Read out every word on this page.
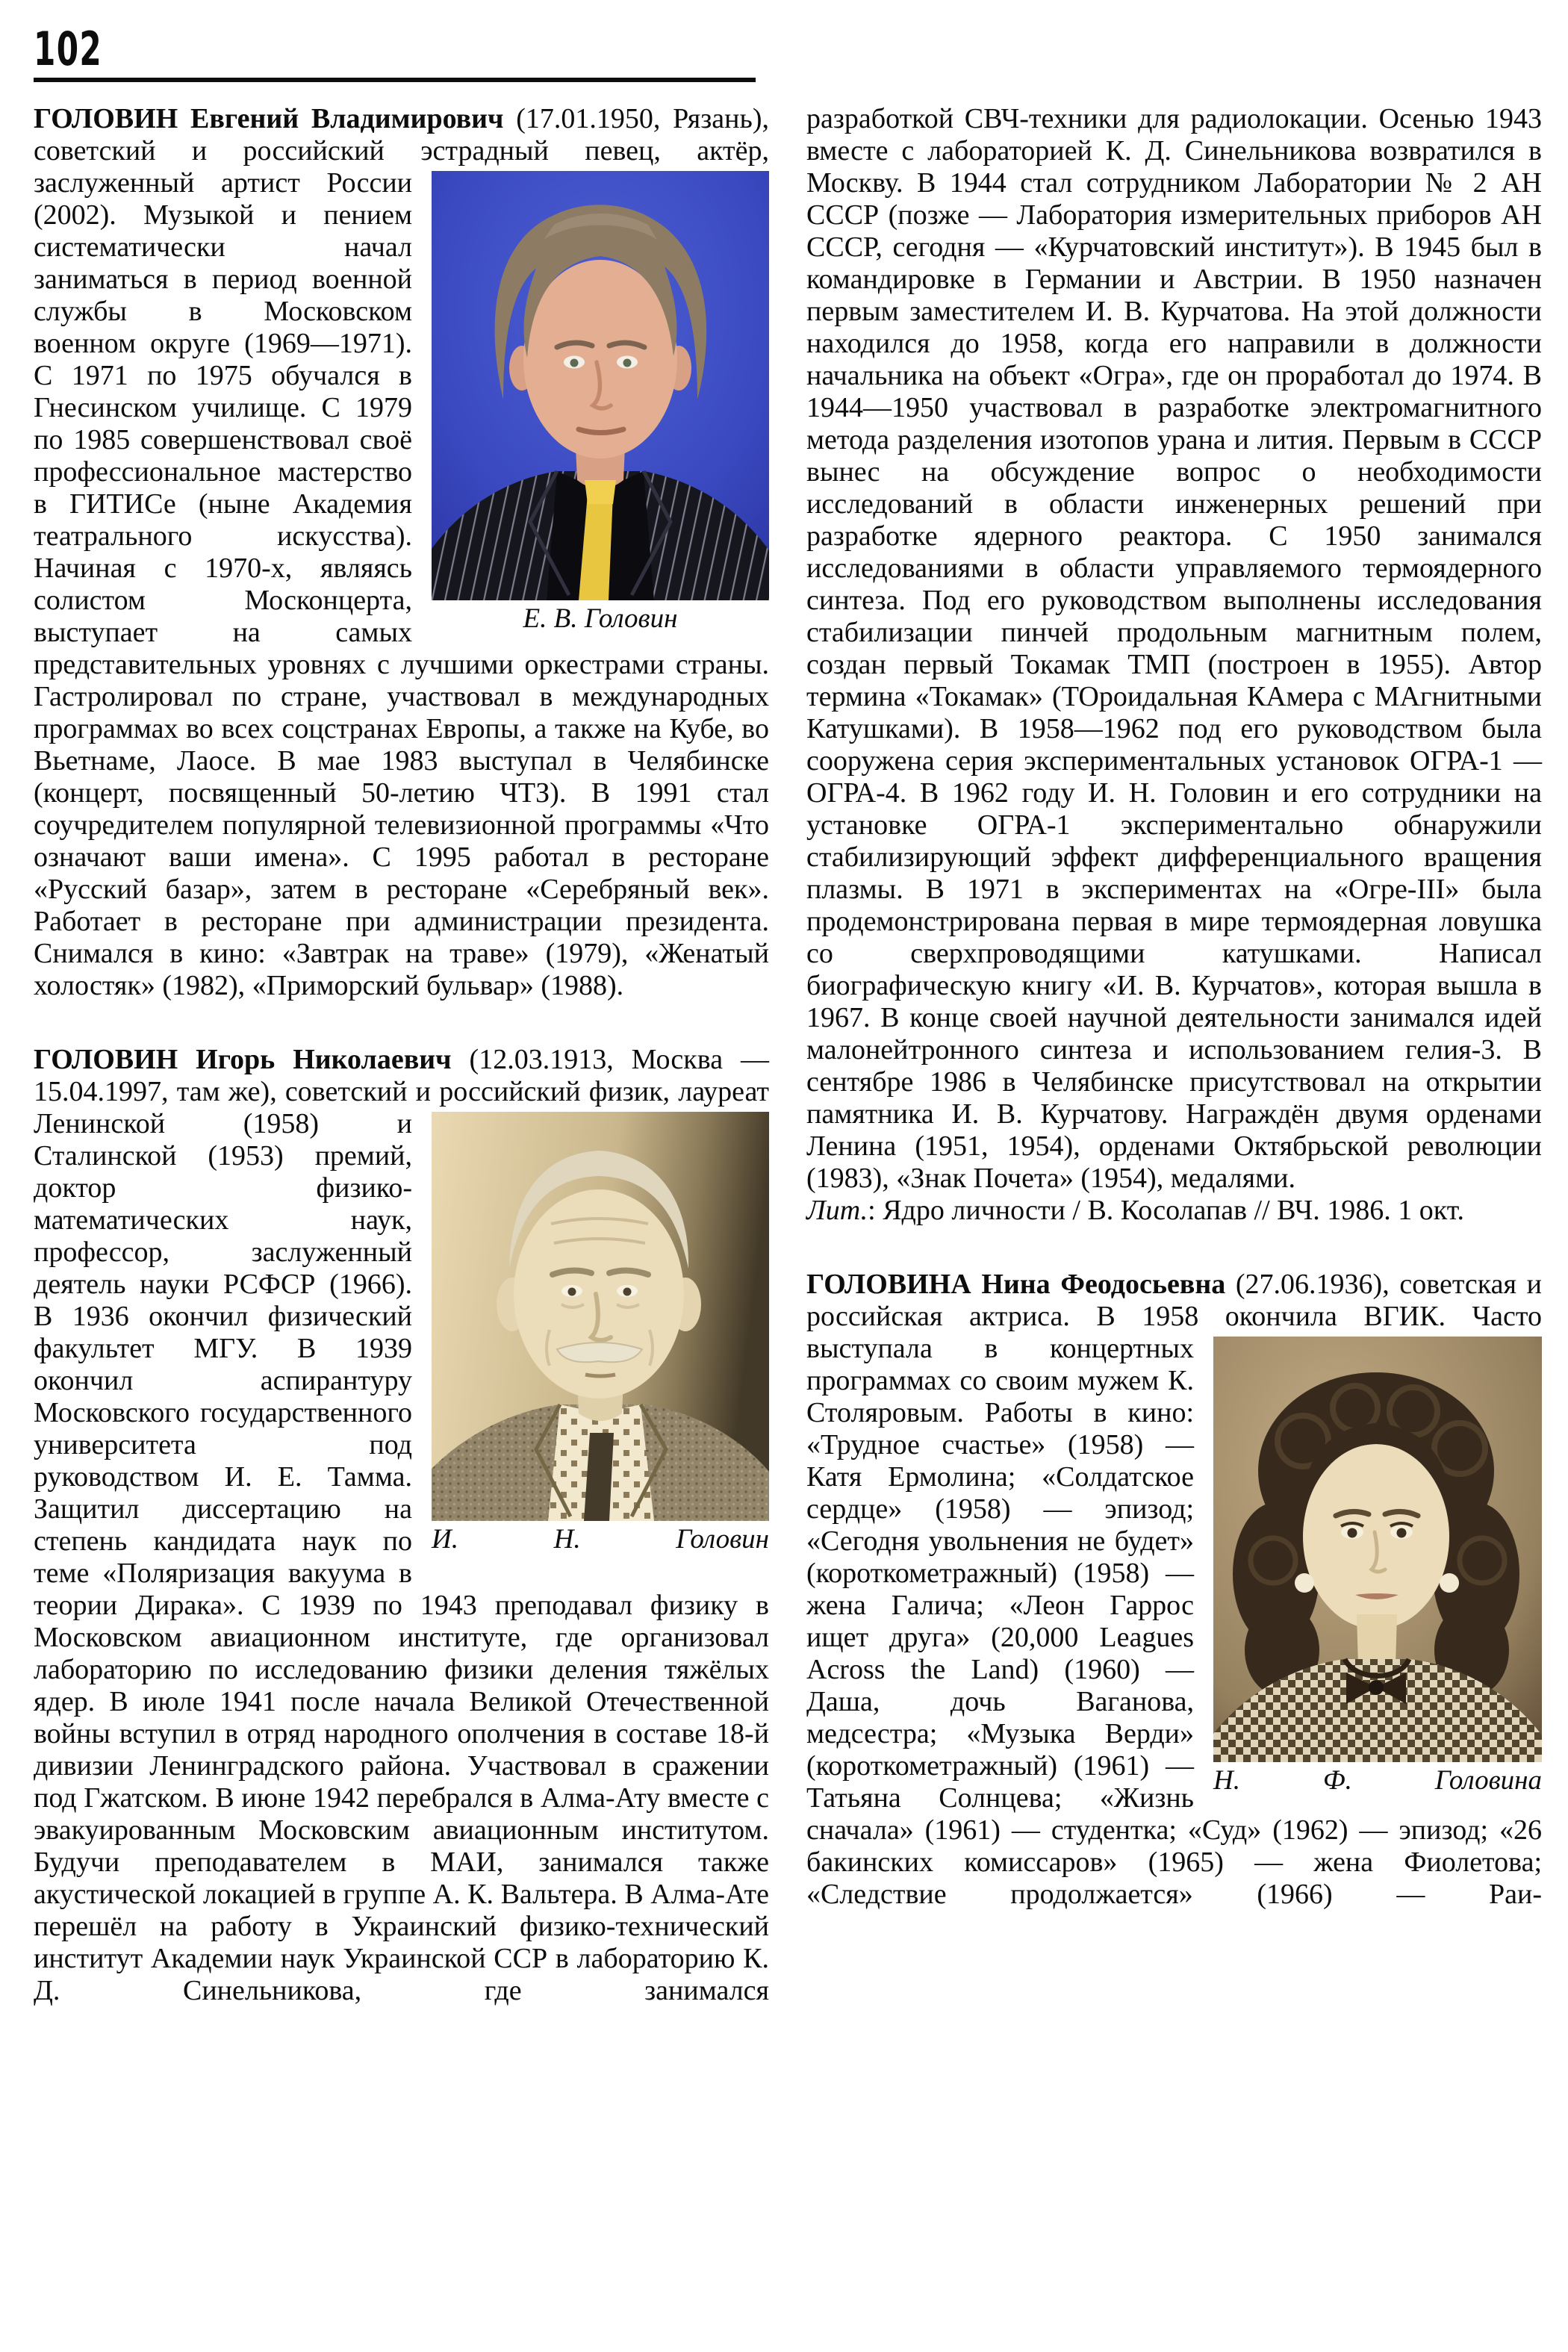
102

ГОЛОВИН Евгений Владимирович (17.01.1950, Рязань), советский и российский эстрадный
Е. В. Головин
певец, актёр, заслуженный артист России (2002). Музыкой и пением систематически начал заниматься в период военной службы в Московском военном округе (1969—1971). С 1971 по 1975 обучался в Гнесинском училище. С 1979 по 1985 совершенствовал своё профессиональное мастерство в ГИТИСе (ныне Академия театрального искусства). Начиная с 1970-х, являясь солистом Москонцерта, выступает на самых представительных уровнях с лучшими оркестрами страны. Гастролировал по стране, участвовал в международных программах во всех соцстранах Европы, а также на Кубе, во Вьетнаме, Лаосе. В мае 1983 выступал в Челябинске (концерт, посвященный 50-летию ЧТЗ). В 1991 стал соучредителем популярной телевизионной программы «Что означают ваши имена». С 1995 работал в ресторане «Русский базар», затем в ресторане «Серебряный век». Работает в ресторане при администрации президента. Снимался в кино: «Завтрак на траве» (1979), «Женатый холостяк» (1982), «Приморский бульвар» (1988).

ГОЛОВИН Игорь Николаевич (12.03.1913, Москва — 15.04.1997, там же), советский и российский
И. Н. Головин
физик, лауреат Ленинской (1958) и Сталинской (1953) премий, доктор физико-математических наук, профессор, заслуженный деятель науки РСФСР (1966). В 1936 окончил физический факультет МГУ. В 1939 окончил аспирантуру Московского государственного университета под руководством И. Е. Тамма. Защитил диссертацию на степень кандидата наук по теме «Поляризация вакуума в теории Дирака». С 1939 по 1943 преподавал физику в Московском авиационном институте, где организовал лабораторию по исследованию физики деления тяжёлых ядер. В июле 1941 после начала Великой Отечественной войны вступил в отряд народного ополчения в составе 18-й дивизии Ленинградского района. Участвовал в сражении под Гжатском. В июне 1942 перебрался в Алма-Ату вместе с эвакуированным Московским авиационным институтом. Будучи преподавателем в МАИ, занимался также акустической локацией в группе А. К. Вальтера. В Алма-Ате перешёл на работу в Украинский физико-технический институт Академии наук Украинской ССР в лабораторию К. Д. Синельникова, где занимался

разработкой СВЧ-техники для радиолокации. Осенью 1943 вместе с лабораторией К. Д. Синельникова возвратился в Москву. В 1944 стал сотрудником Лаборатории № 2 АН СССР (позже — Лаборатория измерительных приборов АН СССР, сегодня — «Курчатовский институт»). В 1945 был в командировке в Германии и Австрии. В 1950 назначен первым заместителем И. В. Курчатова. На этой должности находился до 1958, когда его направили в должности начальника на объект «Огра», где он проработал до 1974. В 1944—1950 участвовал в разработке электромагнитного метода разделения изотопов урана и лития. Первым в СССР вынес на обсуждение вопрос о необходимости исследований в области инженерных решений при разработке ядерного реактора. С 1950 занимался исследованиями в области управляемого термоядерного синтеза. Под его руководством выполнены исследования стабилизации пинчей продольным магнитным полем, создан первый Токамак ТМП (построен в 1955). Автор термина «Токамак» (ТОроидальная КАмера с МАгнитными Катушками). В 1958—1962 под его руководством была сооружена серия экспериментальных установок ОГРА-1 — ОГРА-4. В 1962 году И. Н. Головин и его сотрудники на установке ОГРА-1 экспериментально обнаружили стабилизирующий эффект дифференциального вращения плазмы. В 1971 в экспериментах на «Огре-III» была продемонстрирована первая в мире термоядерная ловушка со сверхпроводящими катушками. Написал биографическую книгу «И. В. Курчатов», которая вышла в 1967. В конце своей научной деятельности занимался идей малонейтронного синтеза и использованием гелия-3. В сентябре 1986 в Челябинске присутствовал на открытии памятника И. В. Курчатову. Награждён двумя орденами Ленина (1951, 1954), орденами Октябрьской революции (1983), «Знак Почета» (1954), медалями.

Лит.: Ядро личности / В. Косолапав // ВЧ. 1986. 1 окт.

ГОЛОВИНА Нина Феодосьевна (27.06.1936), советская и российская актриса. В 1958 окончила
Н. Ф. Головина
ВГИК. Часто выступала в концертных программах со своим мужем К. Столяровым. Работы в кино: «Трудное счастье» (1958) — Катя Ермолина; «Солдатское сердце» (1958) — эпизод; «Сегодня увольнения не будет» (короткометражный) (1958) — жена Галича; «Леон Гаррос ищет друга» (20,000 Leagues Across the Land) (1960) — Даша, дочь Ваганова, медсестра; «Музыка Верди» (короткометражный) (1961) — Татьяна Солнцева; «Жизнь сначала» (1961) — студентка; «Суд» (1962) — эпизод; «26 бакинских комиссаров» (1965) — жена Фиолетова; «Следствие продолжается» (1966) — Раи-
